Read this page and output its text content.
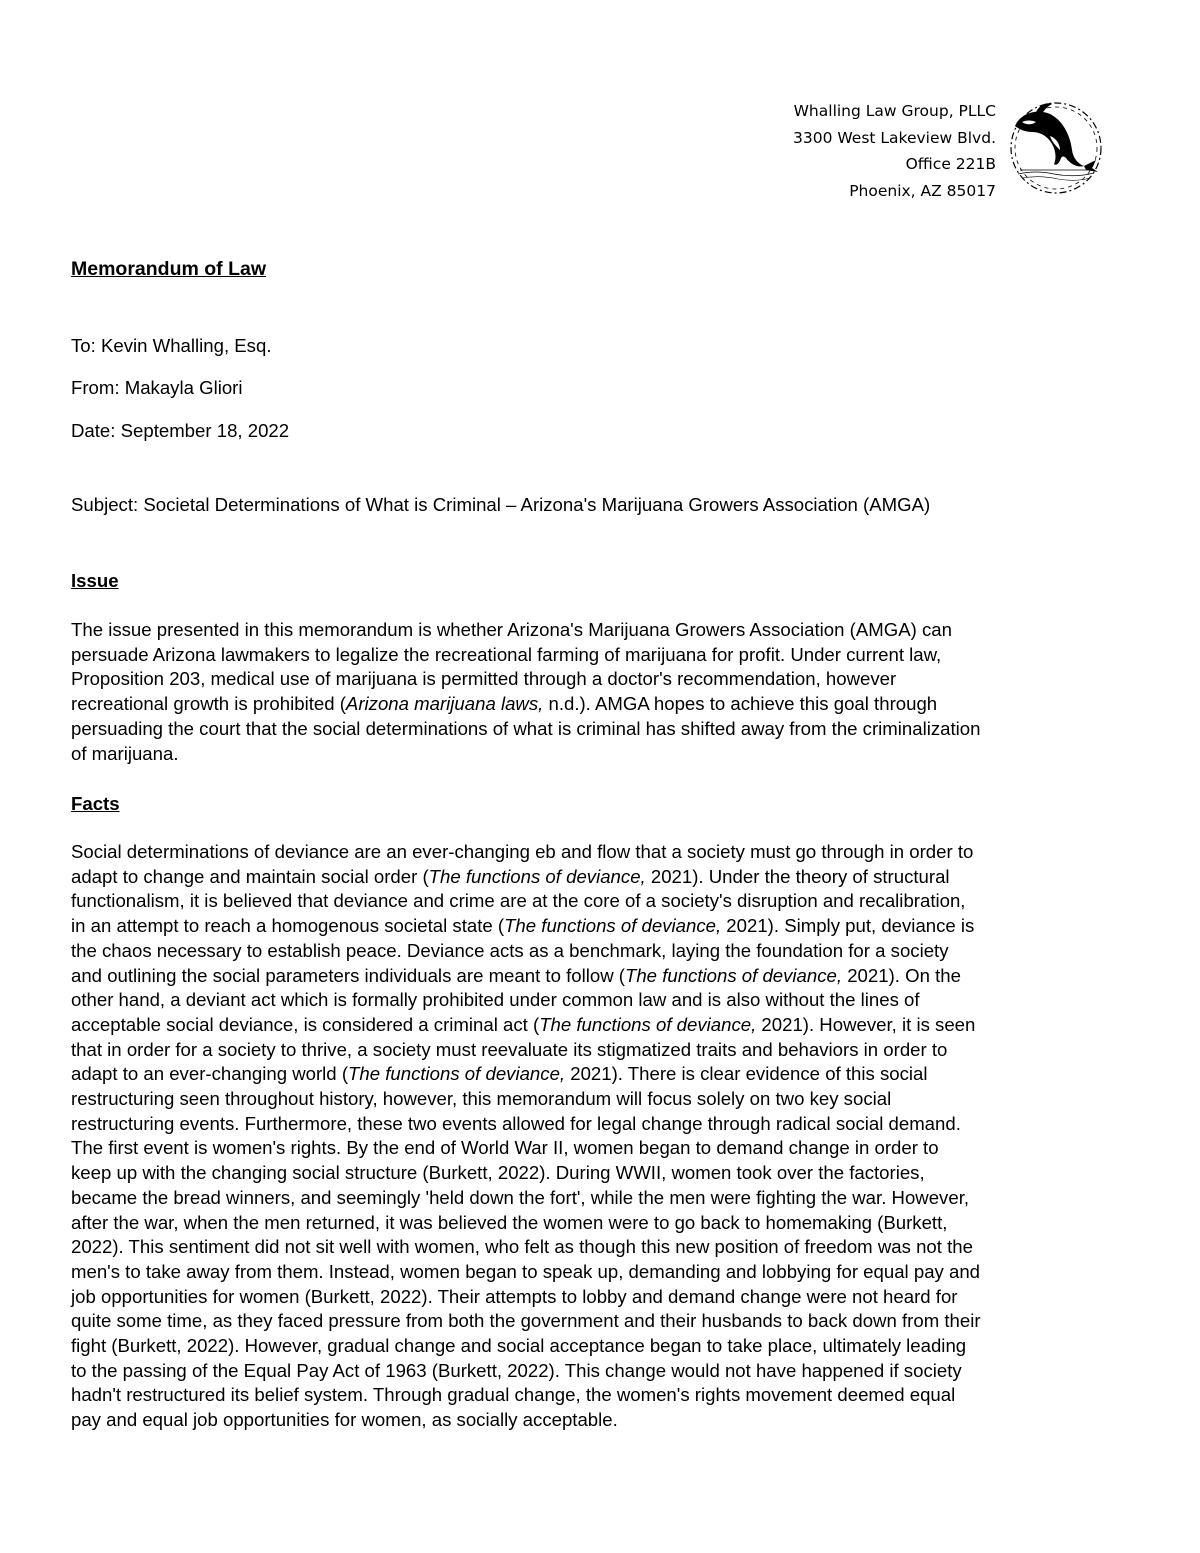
Whalling Law Group, PLLC
3300 West Lakeview Blvd.
Office 221B
Phoenix, AZ 85017
Memorandum of Law
To: Kevin Whalling, Esq.
From: Makayla Gliori
Date: September 18, 2022
Subject: Societal Determinations of What is Criminal – Arizona's Marijuana Growers Association (AMGA)
Issue
The issue presented in this memorandum is whether Arizona's Marijuana Growers Association (AMGA) can
persuade Arizona lawmakers to legalize the recreational farming of marijuana for profit. Under current law,
Proposition 203, medical use of marijuana is permitted through a doctor's recommendation, however
recreational growth is prohibited (Arizona marijuana laws, n.d.). AMGA hopes to achieve this goal through
persuading the court that the social determinations of what is criminal has shifted away from the criminalization
of marijuana.
Facts
Social determinations of deviance are an ever-changing eb and flow that a society must go through in order to
adapt to change and maintain social order (The functions of deviance, 2021). Under the theory of structural
functionalism, it is believed that deviance and crime are at the core of a society's disruption and recalibration,
in an attempt to reach a homogenous societal state (The functions of deviance, 2021). Simply put, deviance is
the chaos necessary to establish peace. Deviance acts as a benchmark, laying the foundation for a society
and outlining the social parameters individuals are meant to follow (The functions of deviance, 2021). On the
other hand, a deviant act which is formally prohibited under common law and is also without the lines of
acceptable social deviance, is considered a criminal act (The functions of deviance, 2021). However, it is seen
that in order for a society to thrive, a society must reevaluate its stigmatized traits and behaviors in order to
adapt to an ever-changing world (The functions of deviance, 2021). There is clear evidence of this social
restructuring seen throughout history, however, this memorandum will focus solely on two key social
restructuring events. Furthermore, these two events allowed for legal change through radical social demand.
The first event is women's rights. By the end of World War II, women began to demand change in order to
keep up with the changing social structure (Burkett, 2022). During WWII, women took over the factories,
became the bread winners, and seemingly 'held down the fort', while the men were fighting the war. However,
after the war, when the men returned, it was believed the women were to go back to homemaking (Burkett,
2022). This sentiment did not sit well with women, who felt as though this new position of freedom was not the
men's to take away from them. Instead, women began to speak up, demanding and lobbying for equal pay and
job opportunities for women (Burkett, 2022). Their attempts to lobby and demand change were not heard for
quite some time, as they faced pressure from both the government and their husbands to back down from their
fight (Burkett, 2022). However, gradual change and social acceptance began to take place, ultimately leading
to the passing of the Equal Pay Act of 1963 (Burkett, 2022). This change would not have happened if society
hadn't restructured its belief system. Through gradual change, the women's rights movement deemed equal
pay and equal job opportunities for women, as socially acceptable.
